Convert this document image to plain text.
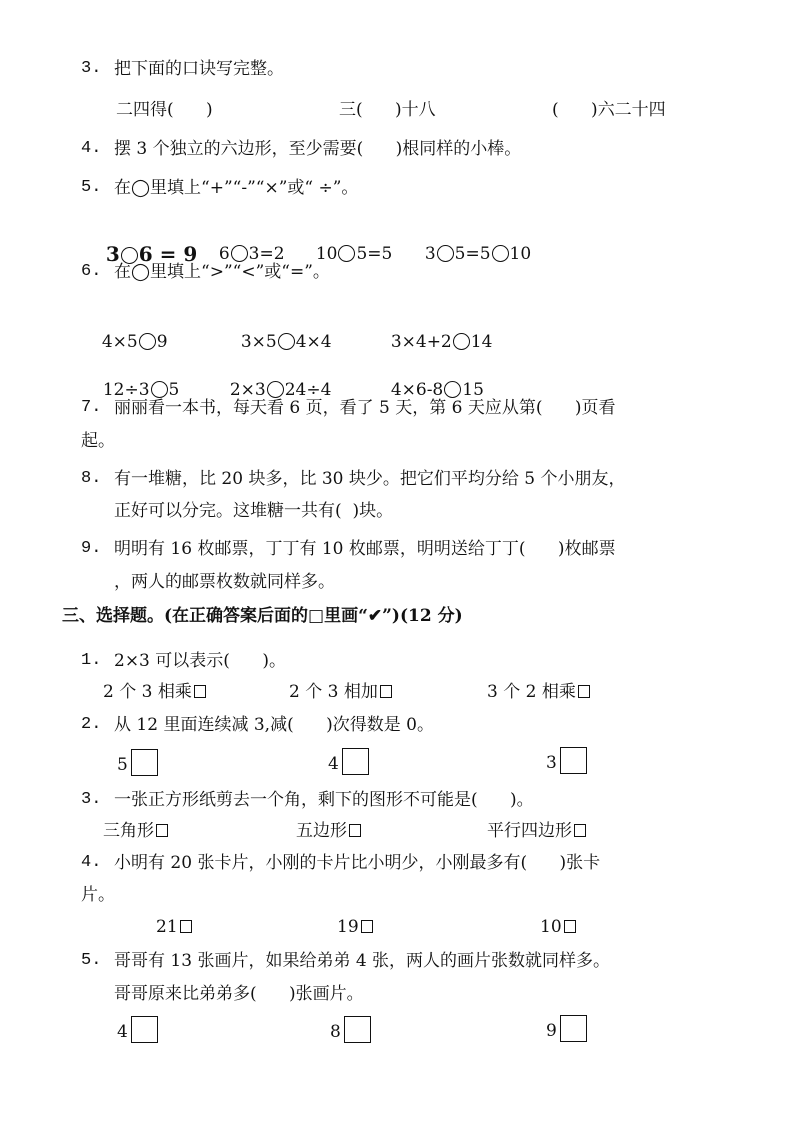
3. 把下面的口诀写完整。
二四得(      )	三(      )十八	(      )六二十四
4. 摆 3 个独立的六边形，至少需要(      )根同样的小棒。
5. 在◯里填上“+”“-”“×”或“ ÷”。

3 6 = 9	6 3=2	10 5=5	3 5=5 10

6. 在◯里填上“>”“<”或“=”。

4×5 9	3×5 4×4	3×4+2 14

12÷3 5	2×3 24÷4	4×6-8 15

7. 丽丽看一本书，每天看 6 页，看了 5 天，第 6 天应从第(      )页看
起。
8. 有一堆糖，比 20 块多，比 30 块少。把它们平均分给 5 个小朋友，
正好可以分完。这堆糖一共有(  )块。
9. 明明有 16 枚邮票，丁丁有 10 枚邮票，明明送给丁丁(      )枚邮票
，两人的邮票枚数就同样多。
三、选择题。(在正确答案后面的□里画“✔”)(12 分)
1. 2×3 可以表示(      )。
2 个 3 相乘	2 个 3 相加	3 个 2 相乘
2. 从 12 里面连续减 3,减(      )次得数是 0。
5	4	3
3. 一张正方形纸剪去一个角，剩下的图形不可能是(      )。
三角形	五边形	平行四边形
4. 小明有 20 张卡片，小刚的卡片比小明少，小刚最多有(      )张卡
片。
21	19	10
5. 哥哥有 13 张画片，如果给弟弟 4 张，两人的画片张数就同样多。
哥哥原来比弟弟多(      )张画片。
4	8	9
